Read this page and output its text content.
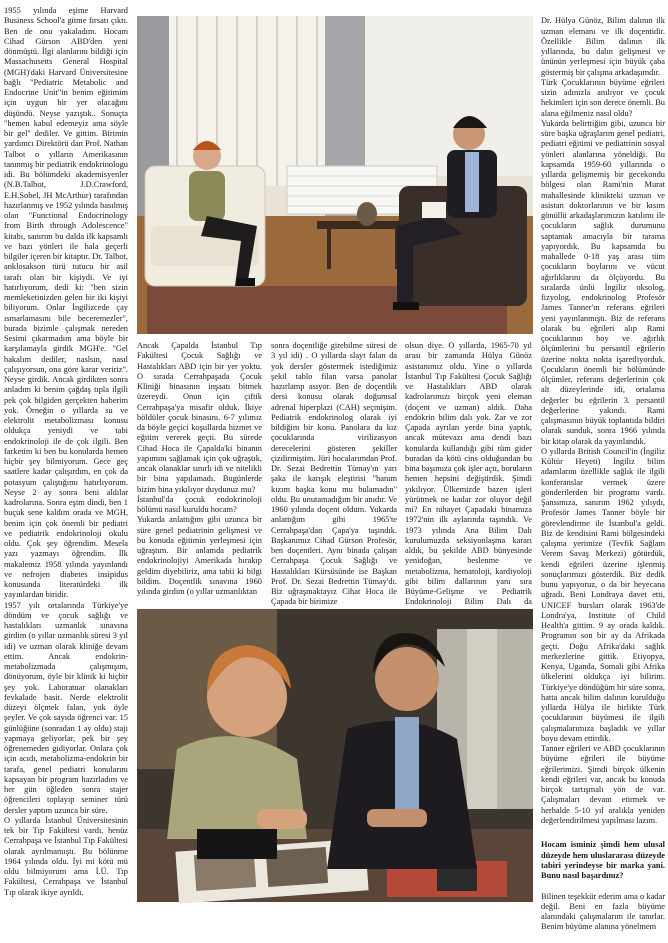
1955 yılında eşime Harvard Business School'a gitme fırsatı çıktı. Ben de onu yakaladım. Hocam Cihad Gürson ABD'den yeni dönmüştü. İlgi alanlarını bildiği için Massachusetts General Hospital (MGH)'daki Harvard Üniversitesine bağlı "Pediatric Metabolic and Endocrine Unit"in benim eğitimim için uygun bir yer olacağını düşündü. Neyse yazıştık.. Sonuçta "hemen kabul edemeyiz ama söyle bir gel" dediler. Ve gittim. Birimin yardımcı Direktörü dan Prof. Nathan Talbot o yılların Amerikasının tanınmış bir pediatrik endokrinologu idi. Bu bölümdeki akademisyenler (N.B.Talbot, J.D.Crawford, E.H.Sobel, JH McArthur) tarafından hazırlanmış ve 1952 yılında basılmış olan "Functional Endocrinology from Birth through Adolescence" kitabı, sanırım bu dalda ilk kapsamlı ve bazı yönleri ile hala geçerli bilgiler içeren bir kitaptır. Dr. Talbot, anklosakson türü tutucu bir asil tarafı olan bir kişiydi. Ve iyi hatırlıyorum, dedi ki: "ben sizin memleketinizden gelen bir iki kişiyi biliyorum. Onlar İngilizcede çay ısmarlamasını bile beceremezler", burada bizimle çalışmak nereden Sesimi çıkarmadım ama böyle bir karşılamayla girdik MGH'e. "Gel bakalım dediler, naslsın, nasıl çalışıyorsun, ona göre karar veririz". Neyse girdik. Ancak girdikten sonra anladım ki benim çağdaş tıpla ilgili pek çok bilgiden gerçekten haberim yok. Örneğin o yıllarda su ve elektrolit metabolizması konusu oldukça yeniydi ve tabi endokrinoloji ile de çok ilgili. Ben farketim ki ben bu konularda hemen hiçbir şey bilmiyorum. Gece geç saatlere kadar çalışırdım, en çok da potasyum çalıştığımı hatırlıyorum. Neyse 2 ay sonra beni aldılar kadrolarına. Sonra eşim dindi, ben 1 buçuk sene kaldım orada ve MGH, benim için çok önemli bir pediatri ve pediatrik endokrinoloji okulu oldu. Çok şey öğrendim. Mesela yazı yazmayı öğrendim. İlk makalemiz 1958 yılında yayınlandı ve nefrojen diabetes insipidus konusunda literatürdeki ilk yayınlardan biridir.
1957 yılı ortalarında Türkiye'ye döndüm ve çocuk sağlığı ve hastalıkları uzmanlık sınavına girdim (o yıllar uzmanlık süresi 3 yıl idi) ve uzman olarak kliniğe devam ettim. Ancak endokrin-metabolizmada çalışmışım, dönüyorum, öyle bir klinik ki hiçbir şey yok. Laboratuar olanakları fevkalade basit. Nerde elektrolit düzeyi ölçmek falan, yok öyle şeyler. Ve çok sayıda öğrenci var. 15 günlüğüne (sonradan 1 ay oldu) stajı yapmaya geliyorlar, pek bir şey öğrenemeden gidiyorlar. Onlara çok için acıdı, metabolizma-endokrin bir tarafa, genel pediatri konularını kapsayan bir program hazırladım ve her gün öğleden sonra stajer öğrencileri toplayıp seminer türü dersler yaptım uzunca bir süre.
O yıllarda İstanbul Üniversitesinin tek bir Tıp Fakültesi vardı, henüz Cerrahpaşa ve İstanbul Tıp Fakültesi olarak ayrılmamıştı. Bu bölünme 1964 yılında oldu. İyi mi kötü mü oldu bilmiyorum ama İ.Ü. Tıp Fakültesi, Cerrahpaşa ve İstanbul Tıp olarak ikiye ayrıldı.
Ancak Çapalda İstanbul Tıp Fakültesi Çocuk Sağlığı ve Hastalıkları ABD için bir yer yoktu. O sırada Cerrahpaşada Çocuk Kliniği binasının inşaatı bitmek üzereydi. Onun için çiftik Cerrahpaşa'ya misafir olduk. İkiye böldüler çocuk binasını. 6-7 yılımız da böyle geçici koşullarda hizmet ve eğitim vererek geçti. Bu sürede Cihad Hoca ile Çapalda'ki binanın yapımını sağlamak için çok uğraştık, ancak olanaklar sınırlı idi ve nitelikli bir bina yapılamadı. Bugünlerde bizim bina yıkılıyor duydunuz mu?
İstanbul'da çocuk endokrinoloji bölümü nasıl kuruldu hocam?
Yukarda anlattığım gibi uzunca bir süre genel pediatrinin gelişmesi ve bu konuda eğitimin yerleşmesi için uğraştım. Bir anlamda pediatrik endokrinolojiyi Amerikada bırakıp geldim diyebiliriz, ama tabii ki bilgi bildim. Doçentlik sınavına 1960 yılında girdim (o yıllar uzmanlıktan
sonra doçentliğe girebilme süresi de 3 yıl idi) . O yıllarda slayt falan da yok dersler göstermek istediğimiz şekil tablo filan varsa panolar hazırlamp asıyor. Ben de doçentlik dersi konusu olarak doğumsal adrenal hiperplazi (CAH) seçmişim. Pediatrik endokrinolog olarak iyi bildiğim bir konu. Panolara da kız çocuklarında virilizasyon derecelerini gösteren şekiller çizdirmiştim. Jüri hocalarımdan Prof. Dr. Sezai Bedrettin Tümay'ın yarı şaka ile karışık eleştirisi "hanım kızım başka konu mu bulamadın" oldu. Bu unutamadığım bir anıdır. Ve 1960 yılında doçent oldum. Yukarda anlattığım gibi 1965'te Cerrahpaşa'dan Çapa'ya taşındık. Başkanımız Cihad Gürson Profesör, ben doçentleri. Aynı binada çalışan Cerrahpaşa Çocuk Sağlığı ve Hastalıkları Kürsüsünde ise Başkan Prof. Dr. Sezai Bedrettin Tümay'dı. Biz uğraşmaktayız Cihat Hoca ile Çapada bir birimize
olsun diye. O yıllarda, 1965-70 yıl arası bir zamanda Hülya Günöz asistanımız oldu. Yine o yıllarda İstanbul Tıp Fakültesi Çocuk Sağlığı ve Hastalıkları ABD olarak kadrolarımızı birçok yeni eleman (doçent ve uzman) aldık. Daha endokrin bilim dalı yok. Zar ve zor Çapada ayrılan yerde bina yaptık, ancak mütevazı ama dendi bazı konularda kullandığı gibi tüm gider buradan da kötü cins olduğundan bu bina başımıza çok işler açtı, boruların hemen hepsini değiştirdik. Şimdi yıkılıyor. Ülkemizde bazen işleri yürütmek ne kadar zor oluyor değil mi? En nihayet Çapadaki binamıza 1972'nin ilk aylarında taşındık. Ve 1973 yılında Ana Bilim Dalı kurulumuzda seksiyonlaşma kararı aldık, bu şekilde ABD bünyesinde yenidoğan, beslenme ve metabolizma, hematoloji, kardiyoloji gibi bilim dallarının yanı sıra Büyüme-Gelişme ve Pediatrik Endokrinoloji Bilim Dalı da

Dr. Hülya Günöz, Bilim dalının ilk uzman elemanı ve ilk doçentidir. Özellikle Bilim dalının ilk yıllarında, bu dalın gelişmesi ve ününün yerleşmesi için büyük çaba göstermiş bir çalışma arkadaşımdır.
Türk Çocuklarının büyüme eğrileri sizin adınızla anılıyor ve çocuk hekimleri için son derece önemli. Bu alana eğilmeniz nasıl oldu?
Yukarda belirttiğim gibi, uzunca bir süre başka uğraşlarım genel pediatri, pediatri eğitimi ve pediatrinin sosyal yönleri alanlarına yöneldiği. Bu kapsamda 1959-60 yıllarında o yıllarda gelişmemiş bir gecekondu bölgesi olan Rami'nin Murat mahallesinde klinikteki uzman ve asistan doktorlarının ve bir kısım gönüllü arkadaşlarımızın katılımı ile çocukların sağlık durumunu saptamak amacıyla bir tarama yapıyordık. Bu kapsamda bu mahallede 0-18 yaş arası tüm çocukların boylarını ve vücut ağırlıklarını da ölçüyordu. Bu sıralarda ünlü İngiliz oksolog, fizyolog, endokrinolog Profesör James Tanner'ın referans eğrileri yeni yayınlanmıştı. Biz de referans olarak bu eğrileri alıp Rami çocuklarının boy ve ağırlık ölçümlerini bu persantil eğrilerin üzerine nokta nokta işaretliyorduk. Çocukların önemli bir bölümünde ölçümler, referans değerlerinin çok alt düzeylerinde idi, ortalama değerler bu eğrilerin 3. persantil değerlerine yakındı. Rami çalışmasının büyük toplantıda bildiri olarak sunduk, sonra 1966 yılında bir kitap olarak da yayınlandık.
O yıllarda British Council'in (İngiliz Kültür Heyeti) İngiliz bilim adamlarını özellikle sağlık ile ilgili konferanslar vermek üzere gönderilerden bir programı vardı. Şansımıza, sanırım 1962 yılıydı, Profesör James Tanner böyle bir görevlendirme ile İstanbul'a geldi. Biz de kendisini Rami bölgesindeki çalışma yerimize (Tevfik Sağlam Verem Savaş Merkezi) götürdük, kendi eğrileri üzerine işlenmiş sonuçlarımızı gösterdik. Biz dedik bunu yapıyoruz, o da bir heyecana uğradı. Beni Londraya davet etti, UNICEF bursları olarak 1963'de Londra'ya, Institute of Child Health'a gittim. 9 ay orada kaldık. Programın son bir ay da Afrikada geçti. Doğu Afrika'daki sağlık merkezlerine gittik. Etiyopya, Kenya, Uganda, Somali gibi Afrika ülkelerini oldukça iyi bilirim. Türkiye'ye döndüğüm bir süre sonra, hatta ancak bilim dalının kurulduğu yıllarda Hülya ile birlikte Türk çocuklarının büyümesi ile ilgili çalışmalarımıza başladık ve yıllar boyu devam ettirdik.
Tanner eğrileri ve ABD çocuklarının büyüme eğrileri ile büyüme eğrilerimizi. Şimdi birçok ülkenin kendi eğrileri var, ancak bu konuda birçok tartışmalı yön de var. Çalışmaları devam etirmek ve herhalde 5-10 yıl aralıkla yeniden değerlendirilmesi yapılması lazım.

Hocam isminiz şimdi hem ulusal düzeyde hem uluslararası düzeyde tabiri yerindeyse bir marka yani. Bunu nasıl başardınız?

Bilinen teşekkür ederim ama o kadar değil. Beni en fazla büyüme alanındaki çalışmalarım ile tanırlar. Benim büyüme alanına yönelmem
